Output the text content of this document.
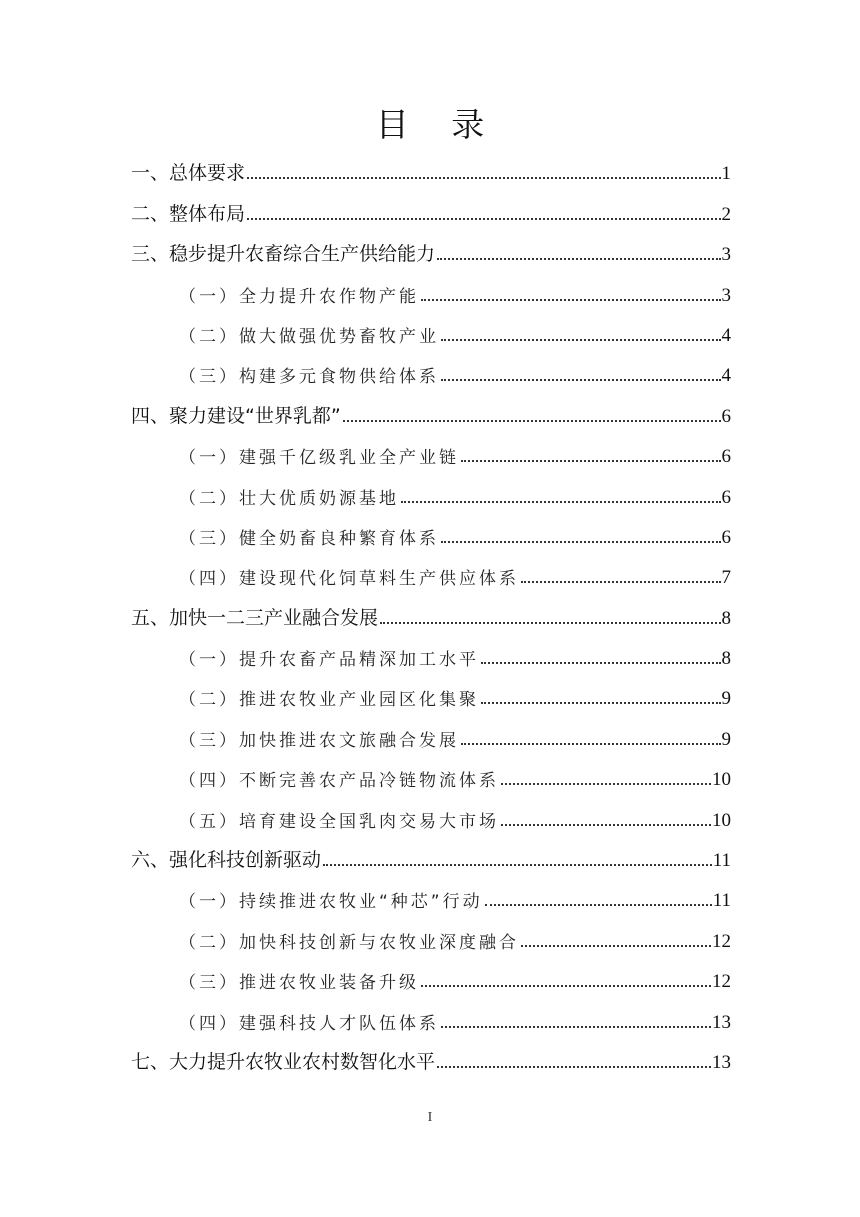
目 录
一、总体要求	1
二、整体布局	2
三、稳步提升农畜综合生产供给能力	3
（一）全力提升农作物产能	3
（二）做大做强优势畜牧产业	4
（三）构建多元食物供给体系	4
四、聚力建设“世界乳都”	6
（一）建强千亿级乳业全产业链	6
（二）壮大优质奶源基地	6
（三）健全奶畜良种繁育体系	6
（四）建设现代化饲草料生产供应体系	7
五、加快一二三产业融合发展	8
（一）提升农畜产品精深加工水平	8
（二）推进农牧业产业园区化集聚	9
（三）加快推进农文旅融合发展	9
（四）不断完善农产品冷链物流体系	10
（五）培育建设全国乳肉交易大市场	10
六、强化科技创新驱动	11
（一）持续推进农牧业“种芯”行动	11
（二）加快科技创新与农牧业深度融合	12
（三）推进农牧业装备升级	12
（四）建强科技人才队伍体系	13
七、大力提升农牧业农村数智化水平	13
I
